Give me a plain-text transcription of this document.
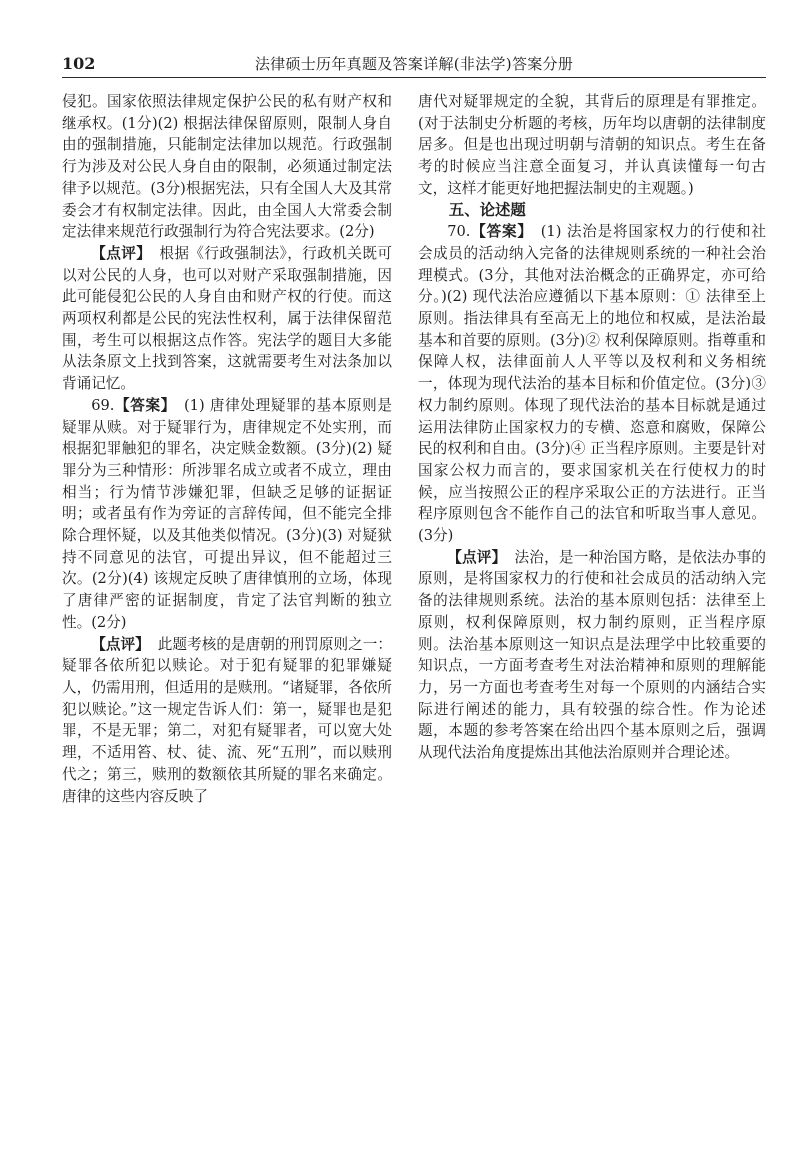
102	法律硕士历年真题及答案详解(非法学)答案分册

侵犯。国家依照法律规定保护公民的私有财产权和继承权。(1分)(2) 根据法律保留原则，限制人身自由的强制措施，只能制定法律加以规范。行政强制行为涉及对公民人身自由的限制，必须通过制定法律予以规范。(3分)根据宪法，只有全国人大及其常委会才有权制定法律。因此，由全国人大常委会制定法律来规范行政强制行为符合宪法要求。(2分)

【点评】 根据《行政强制法》，行政机关既可以对公民的人身，也可以对财产采取强制措施，因此可能侵犯公民的人身自由和财产权的行使。而这两项权利都是公民的宪法性权利，属于法律保留范围，考生可以根据这点作答。宪法学的题目大多能从法条原文上找到答案，这就需要考生对法条加以背诵记忆。

69.【答案】 (1) 唐律处理疑罪的基本原则是疑罪从赎。对于疑罪行为，唐律规定不处实刑，而根据犯罪触犯的罪名，决定赎金数额。(3分)(2) 疑罪分为三种情形：所涉罪名成立或者不成立，理由相当；行为情节涉嫌犯罪，但缺乏足够的证据证明；或者虽有作为旁证的言辞传闻，但不能完全排除合理怀疑，以及其他类似情况。(3分)(3) 对疑狱持不同意见的法官，可提出异议，但不能超过三次。(2分)(4) 该规定反映了唐律慎刑的立场，体现了唐律严密的证据制度，肯定了法官判断的独立性。(2分)

【点评】 此题考核的是唐朝的刑罚原则之一：疑罪各依所犯以赎论。对于犯有疑罪的犯罪嫌疑人，仍需用刑，但适用的是赎刑。“诸疑罪，各依所犯以赎论。”这一规定告诉人们：第一，疑罪也是犯罪，不是无罪；第二，对犯有疑罪者，可以宽大处理，不适用笞、杖、徒、流、死“五刑”，而以赎刑代之；第三，赎刑的数额依其所疑的罪名来确定。唐律的这些内容反映了

唐代对疑罪规定的全貌，其背后的原理是有罪推定。(对于法制史分析题的考核，历年均以唐朝的法律制度居多。但是也出现过明朝与清朝的知识点。考生在备考的时候应当注意全面复习，并认真读懂每一句古文，这样才能更好地把握法制史的主观题。)

五、论述题

70.【答案】 (1) 法治是将国家权力的行使和社会成员的活动纳入完备的法律规则系统的一种社会治理模式。(3分，其他对法治概念的正确界定，亦可给分。)(2) 现代法治应遵循以下基本原则：① 法律至上原则。指法律具有至高无上的地位和权威，是法治最基本和首要的原则。(3分)② 权利保障原则。指尊重和保障人权，法律面前人人平等以及权利和义务相统一，体现为现代法治的基本目标和价值定位。(3分)③ 权力制约原则。体现了现代法治的基本目标就是通过运用法律防止国家权力的专横、恣意和腐败，保障公民的权利和自由。(3分)④ 正当程序原则。主要是针对国家公权力而言的，要求国家机关在行使权力的时候，应当按照公正的程序采取公正的方法进行。正当程序原则包含不能作自己的法官和听取当事人意见。(3分)

【点评】 法治，是一种治国方略，是依法办事的原则，是将国家权力的行使和社会成员的活动纳入完备的法律规则系统。法治的基本原则包括：法律至上原则，权利保障原则，权力制约原则，正当程序原则。法治基本原则这一知识点是法理学中比较重要的知识点，一方面考查考生对法治精神和原则的理解能力，另一方面也考查考生对每一个原则的内涵结合实际进行阐述的能力，具有较强的综合性。作为论述题，本题的参考答案在给出四个基本原则之后，强调从现代法治角度提炼出其他法治原则并合理论述。
